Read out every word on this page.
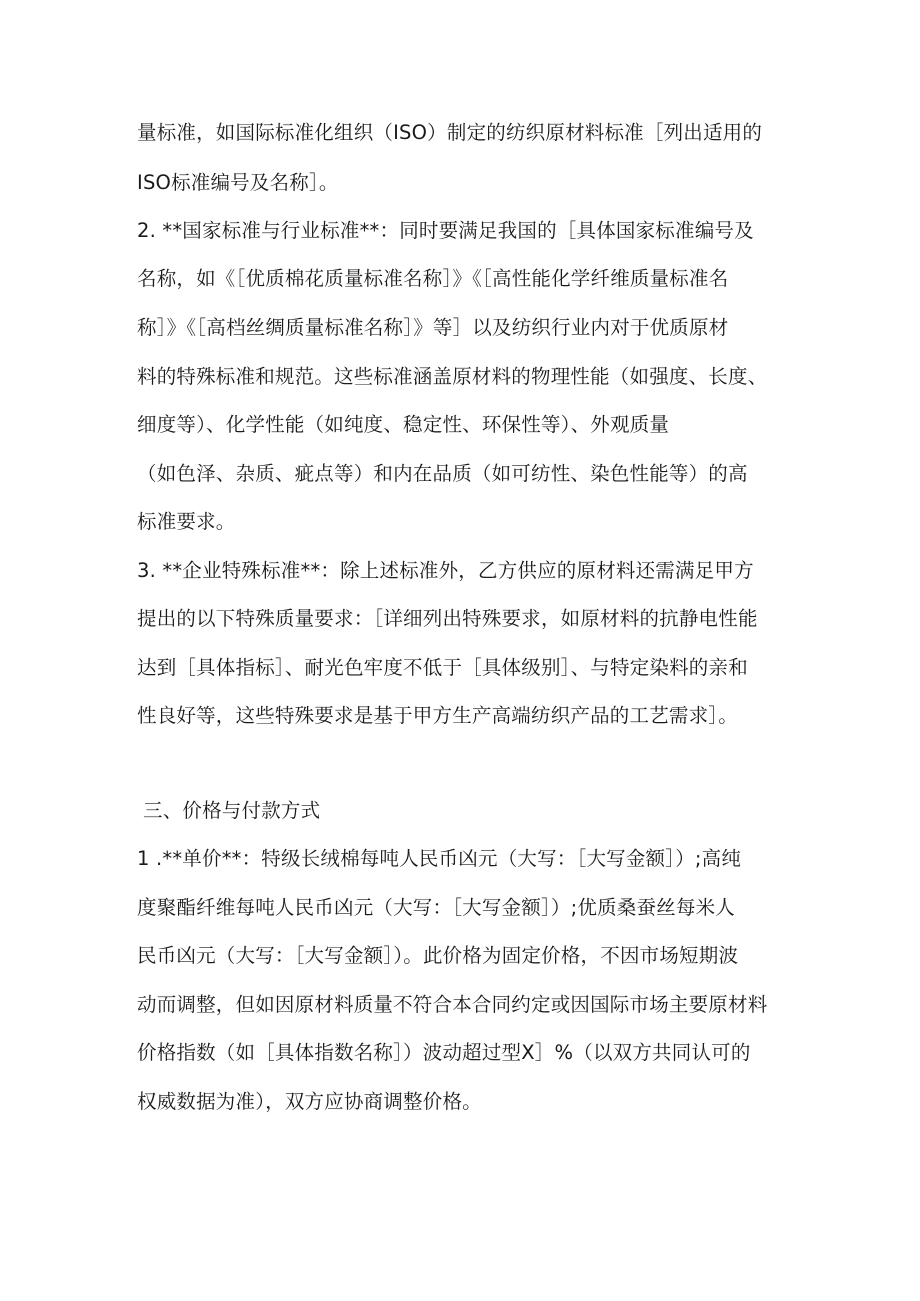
量标准，如国际标准化组织（ISO）制定的纺织原材料标准［列出适用的
ISO标准编号及名称］。
2. **国家标准与行业标准**：同时要满足我国的［具体国家标准编号及
名称，如《［优质棉花质量标准名称］》《［高性能化学纤维质量标准名
称］》《［高档丝绸质量标准名称］》等］以及纺织行业内对于优质原材
料的特殊标准和规范。这些标准涵盖原材料的物理性能（如强度、长度、
细度等）、化学性能（如纯度、稳定性、环保性等）、外观质量
（如色泽、杂质、疵点等）和内在品质（如可纺性、染色性能等）的高
标准要求。
3. **企业特殊标准**：除上述标准外，乙方供应的原材料还需满足甲方
提出的以下特殊质量要求：［详细列出特殊要求，如原材料的抗静电性能
达到［具体指标］、耐光色牢度不低于［具体级别］、与特定染料的亲和
性良好等，这些特殊要求是基于甲方生产高端纺织产品的工艺需求］。
三、价格与付款方式
1 .**单价**：特级长绒棉每吨人民币凶元（大写：［大写金额］）;高纯
度聚酯纤维每吨人民币凶元（大写：［大写金额］）;优质桑蚕丝每米人
民币凶元（大写：［大写金额］）。此价格为固定价格，不因市场短期波
动而调整，但如因原材料质量不符合本合同约定或因国际市场主要原材料
价格指数（如［具体指数名称］）波动超过型X］%（以双方共同认可的
权威数据为准），双方应协商调整价格。
